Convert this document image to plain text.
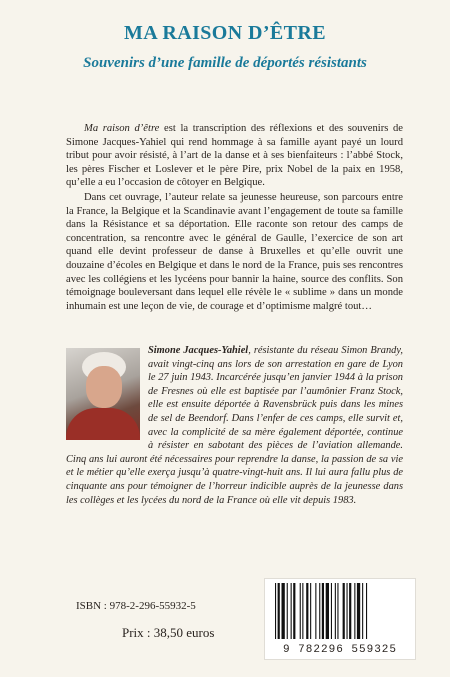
MA RAISON D’ÊTRE
Souvenirs d’une famille de déportés résistants

Ma raison d’être est la transcription des réflexions et des souvenirs de Simone Jacques-Yahiel qui rend hommage à sa famille ayant payé un lourd tribut pour avoir résisté, à l’art de la danse et à ses bienfaiteurs : l’abbé Stock, les pères Fischer et Loslever et le père Pire, prix Nobel de la paix en 1958, qu’elle a eu l’occasion de côtoyer en Belgique.

Dans cet ouvrage, l’auteur relate sa jeunesse heureuse, son parcours entre la France, la Belgique et la Scandinavie avant l’engagement de toute sa famille dans la Résistance et sa déportation. Elle raconte son retour des camps de concentration, sa rencontre avec le général de Gaulle, l’exercice de son art quand elle devint professeur de danse à Bruxelles et qu’elle ouvrit une douzaine d’écoles en Belgique et dans le nord de la France, puis ses rencontres avec les collégiens et les lycéens pour bannir la haine, source des conflits. Son témoignage bouleversant dans lequel elle révèle le « sublime » dans un monde inhumain est une leçon de vie, de courage et d’optimisme malgré tout…

Simone Jacques-Yahiel, résistante du réseau Simon Brandy, avait vingt-cinq ans lors de son arrestation en gare de Lyon le 27 juin 1943. Incarcérée jusqu’en janvier 1944 à la prison de Fresnes où elle est baptisée par l’aumônier Franz Stock, elle est ensuite déportée à Ravensbrück puis dans les mines de sel de Beendorf. Dans l’enfer de ces camps, elle survit et, avec la complicité de sa mère également déportée, continue à résister en sabotant des pièces de l’aviation allemande. Cinq ans lui auront été nécessaires pour reprendre la danse, la passion de sa vie et le métier qu’elle exerça jusqu’à quatre-vingt-huit ans. Il lui aura fallu plus de cinquante ans pour témoigner de l’horreur indicible auprès de la jeunesse dans les collèges et les lycées du nord de la France où elle vit depuis 1983.
ISBN : 978-2-296-55932-5
Prix : 38,50 euros
9 782296 559325
